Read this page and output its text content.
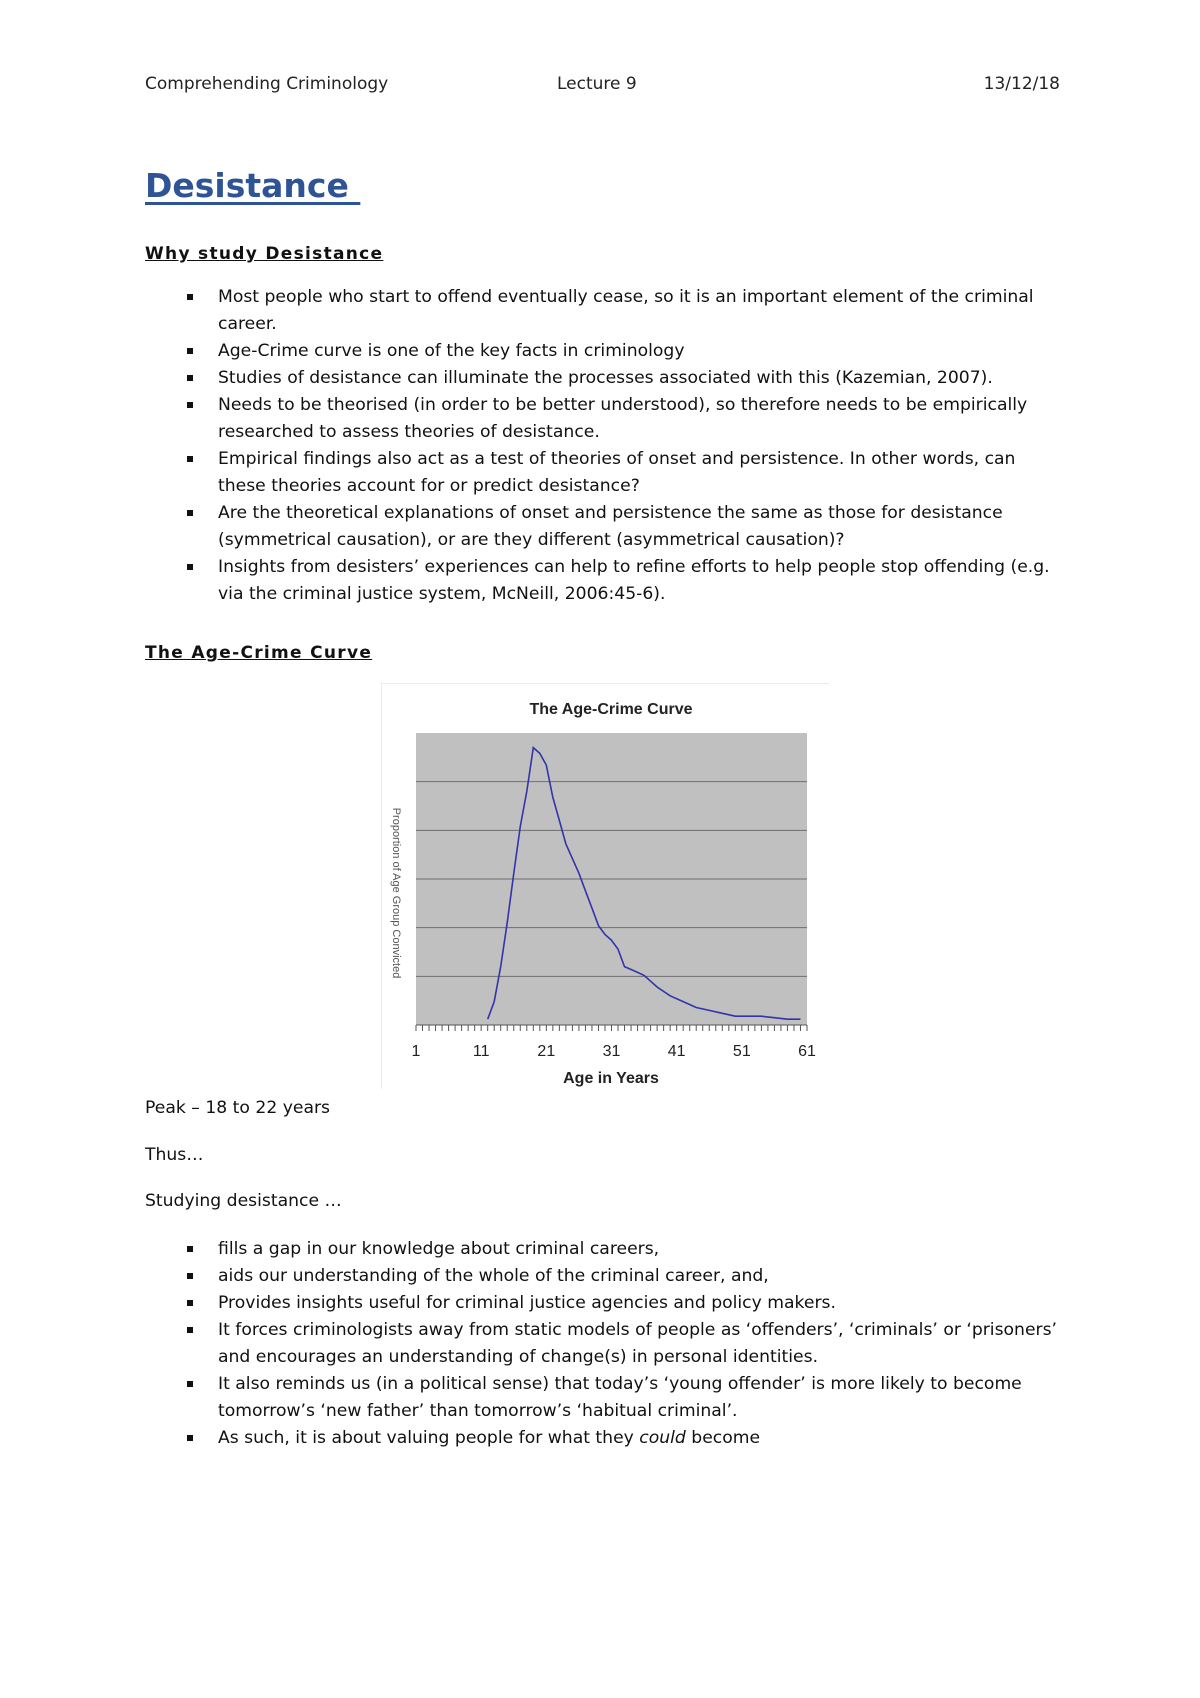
Comprehending Criminology	Lecture 9	13/12/18
Desistance
Why study Desistance
Most people who start to offend eventually cease, so it is an important element of the criminal career.
Age-Crime curve is one of the key facts in criminology
Studies of desistance can illuminate the processes associated with this (Kazemian, 2007).
Needs to be theorised (in order to be better understood), so therefore needs to be empirically researched to assess theories of desistance.
Empirical findings also act as a test of theories of onset and persistence. In other words, can these theories account for or predict desistance?
Are the theoretical explanations of onset and persistence the same as those for desistance (symmetrical causation), or are they different (asymmetrical causation)?
Insights from desisters’ experiences can help to refine efforts to help people stop offending (e.g. via the criminal justice system, McNeill, 2006:45-6).
The Age-Crime Curve
The Age-Crime Curve
Proportion of Age Group Convicted
1	11	21	31	41	51	61
Age in Years
Peak – 18 to 22 years
Thus…
Studying desistance …
fills a gap in our knowledge about criminal careers,
aids our understanding of the whole of the criminal career, and,
Provides insights useful for criminal justice agencies and policy makers.
It forces criminologists away from static models of people as ‘offenders’, ‘criminals’ or ‘prisoners’ and encourages an understanding of change(s) in personal identities.
It also reminds us (in a political sense) that today’s ‘young offender’ is more likely to become tomorrow’s ‘new father’ than tomorrow’s ‘habitual criminal’.
As such, it is about valuing people for what they could become
